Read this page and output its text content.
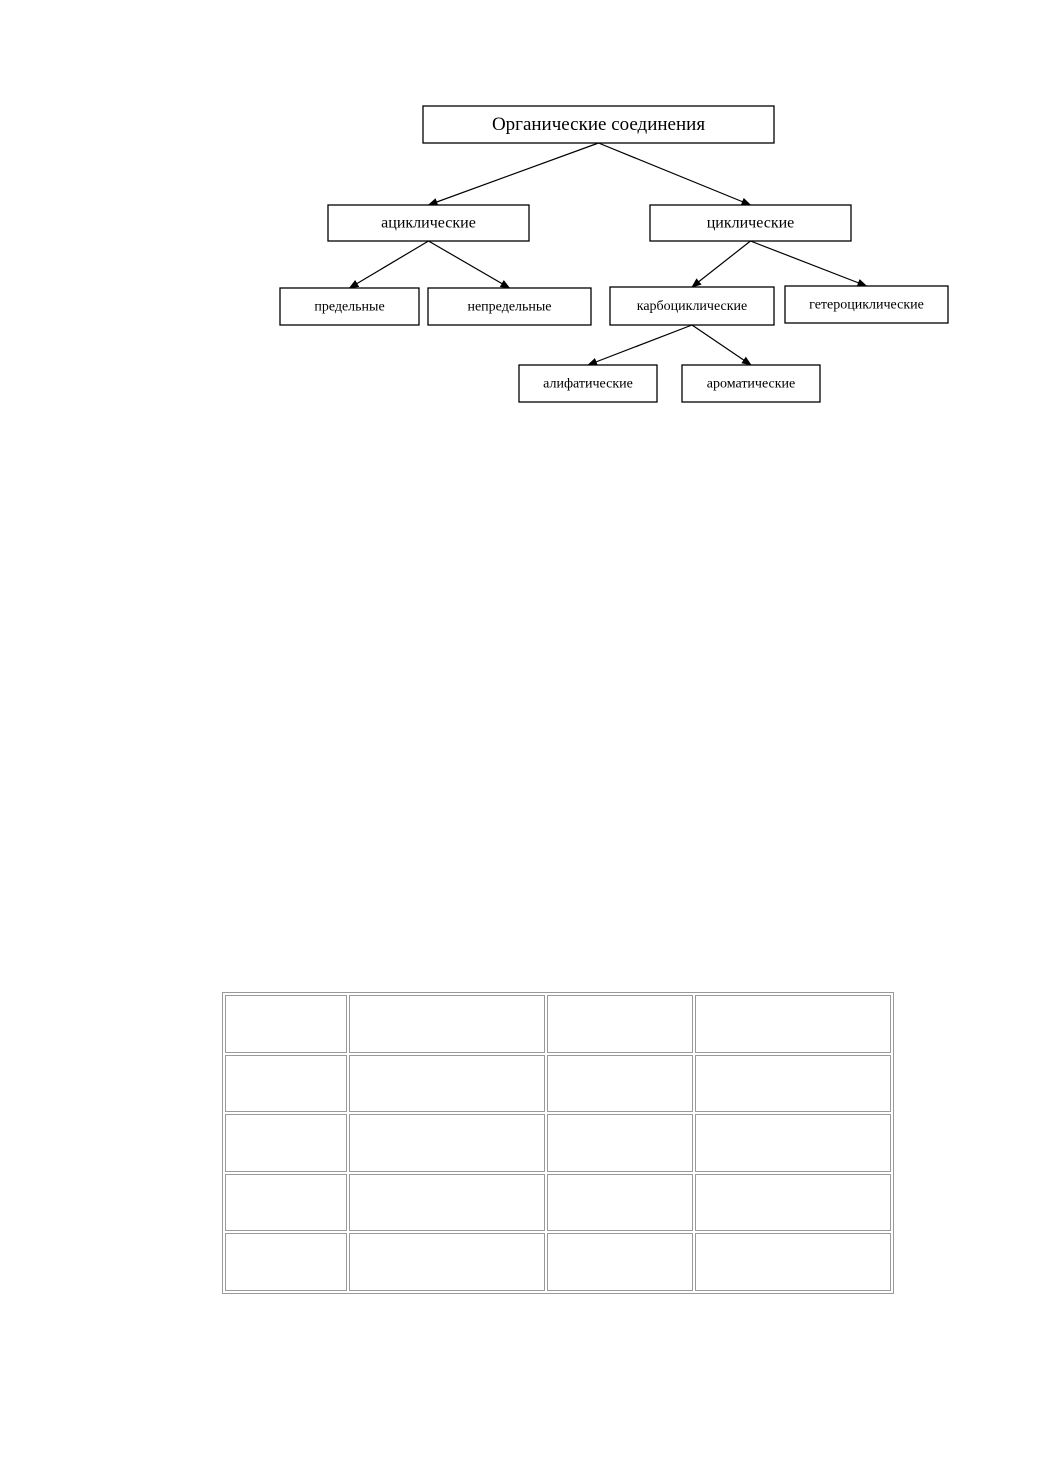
Органические соединения
ациклические	циклические
предельные	непредельные	карбоциклические	гетероциклические
алифатические	ароматические
